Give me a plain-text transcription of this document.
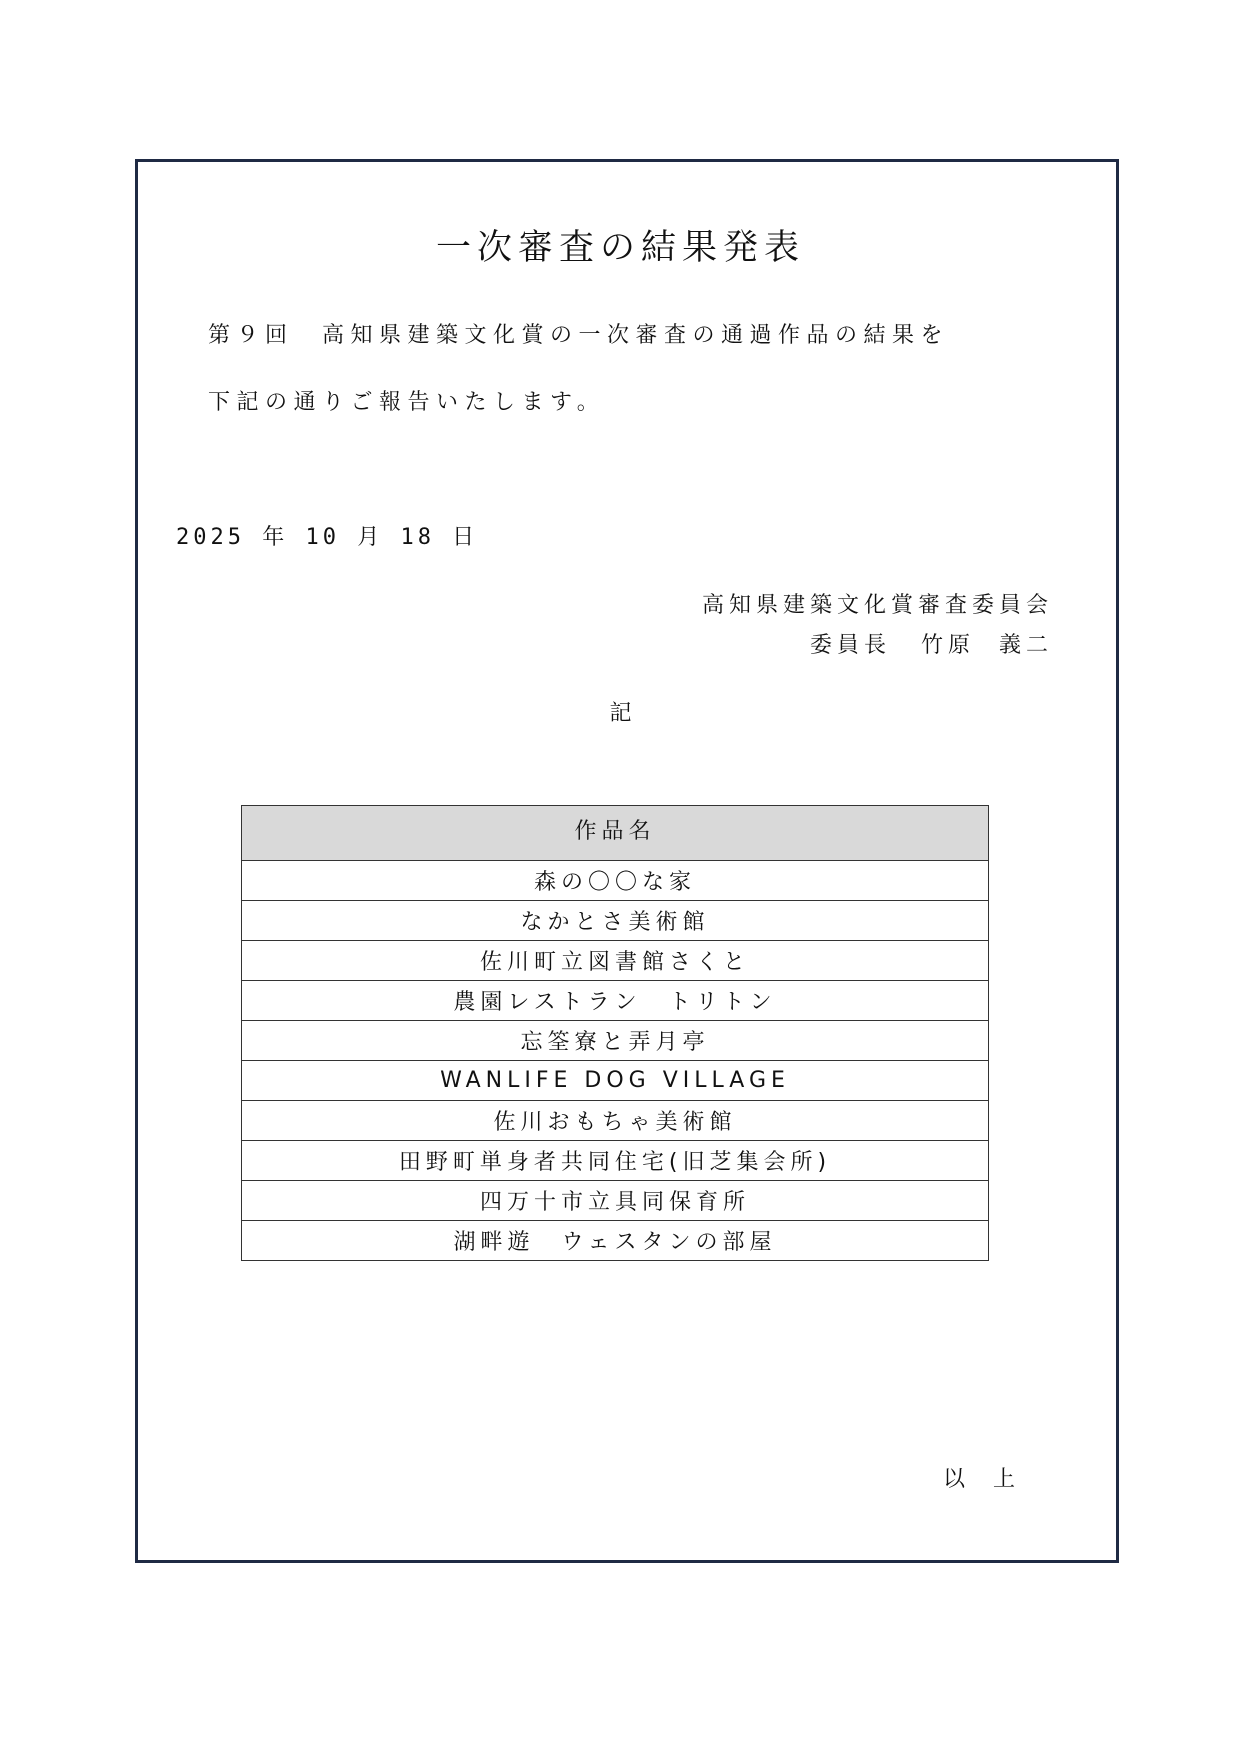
一次審査の結果発表
第９回　高知県建築文化賞の一次審査の通過作品の結果を
下記の通りご報告いたします。
2025 年 10 月 18 日
高知県建築文化賞審査委員会
委員長 竹原 義二
記
作品名
森の〇〇な家
なかとさ美術館
佐川町立図書館さくと
農園レストラン　トリトン
忘筌寮と弄月亭
WANLIFE DOG VILLAGE
佐川おもちゃ美術館
田野町単身者共同住宅(旧芝集会所)
四万十市立具同保育所
湖畔遊　ウェスタンの部屋
以上
